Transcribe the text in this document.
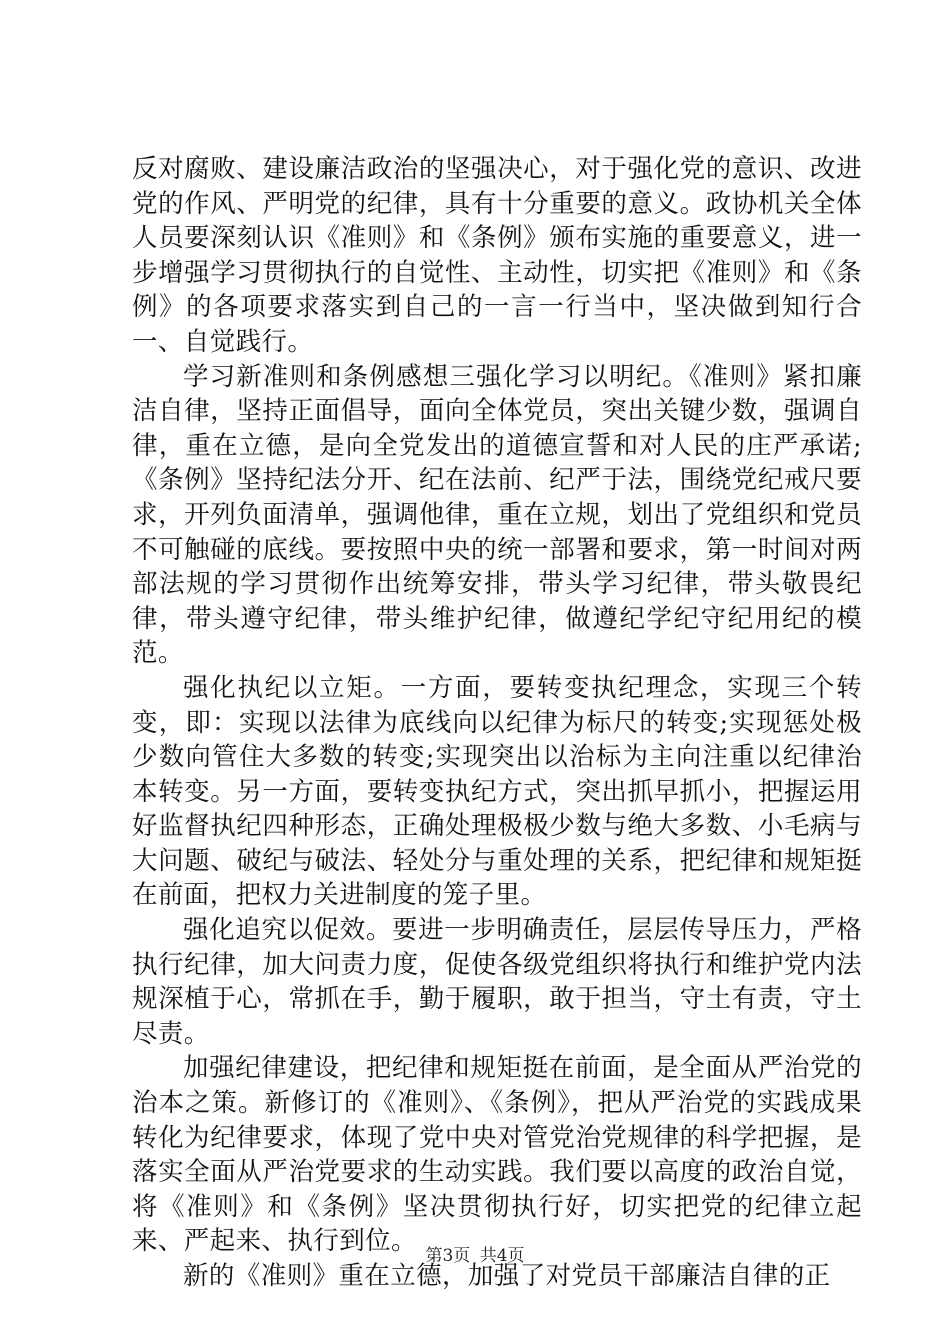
反对腐败、建设廉洁政治的坚强决心，对于强化党的意识、改进党的作风、严明党的纪律，具有十分重要的意义。政协机关全体人员要深刻认识《准则》和《条例》颁布实施的重要意义，进一步增强学习贯彻执行的自觉性、主动性，切实把《准则》和《条例》的各项要求落实到自己的一言一行当中，坚决做到知行合一、自觉践行。

学习新准则和条例感想三强化学习以明纪。《准则》紧扣廉洁自律，坚持正面倡导，面向全体党员，突出关键少数，强调自律，重在立德，是向全党发出的道德宣誓和对人民的庄严承诺;《条例》坚持纪法分开、纪在法前、纪严于法，围绕党纪戒尺要求，开列负面清单，强调他律，重在立规，划出了党组织和党员不可触碰的底线。要按照中央的统一部署和要求，第一时间对两部法规的学习贯彻作出统筹安排，带头学习纪律，带头敬畏纪律，带头遵守纪律，带头维护纪律，做遵纪学纪守纪用纪的模范。

强化执纪以立矩。一方面，要转变执纪理念，实现三个转变，即：实现以法律为底线向以纪律为标尺的转变;实现惩处极少数向管住大多数的转变;实现突出以治标为主向注重以纪律治本转变。另一方面，要转变执纪方式，突出抓早抓小，把握运用好监督执纪四种形态，正确处理极极少数与绝大多数、小毛病与大问题、破纪与破法、轻处分与重处理的关系，把纪律和规矩挺在前面，把权力关进制度的笼子里。

强化追究以促效。要进一步明确责任，层层传导压力，严格执行纪律，加大问责力度，促使各级党组织将执行和维护党内法规深植于心，常抓在手，勤于履职，敢于担当，守土有责，守土尽责。

加强纪律建设，把纪律和规矩挺在前面，是全面从严治党的治本之策。新修订的《准则》、《条例》，把从严治党的实践成果转化为纪律要求，体现了党中央对管党治党规律的科学把握，是落实全面从严治党要求的生动实践。我们要以高度的政治自觉，将《准则》和《条例》坚决贯彻执行好，切实把党的纪律立起来、严起来、执行到位。

新的《准则》重在立德，加强了对党员干部廉洁自律的正

第3页 共4页
